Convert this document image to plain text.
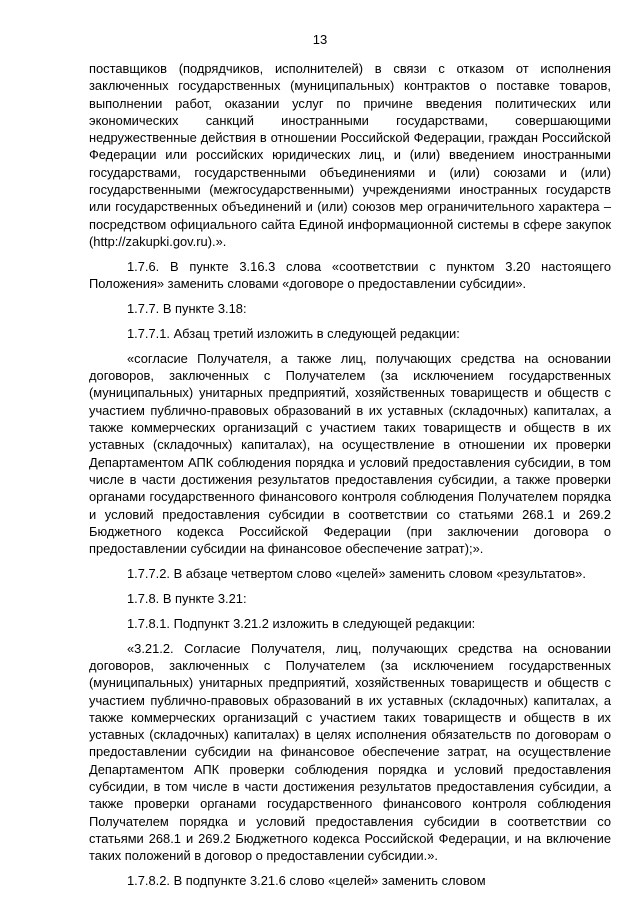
13

поставщиков (подрядчиков, исполнителей) в связи с отказом от исполнения заключенных государственных (муниципальных) контрактов о поставке товаров, выполнении работ, оказании услуг по причине введения политических или экономических санкций иностранными государствами, совершающими недружественные действия в отношении Российской Федерации, граждан Российской Федерации или российских юридических лиц, и (или) введением иностранными государствами, государственными объединениями и (или) союзами и (или) государственными (межгосударственными) учреждениями иностранных государств или государственных объединений и (или) союзов мер ограничительного характера – посредством официального сайта Единой информационной системы в сфере закупок (http://zakupki.gov.ru).».

1.7.6. В пункте 3.16.3 слова «соответствии с пунктом 3.20 настоящего Положения» заменить словами «договоре о предоставлении субсидии».

1.7.7. В пункте 3.18:

1.7.7.1. Абзац третий изложить в следующей редакции:

«согласие Получателя, а также лиц, получающих средства на основании договоров, заключенных с Получателем (за исключением государственных (муниципальных) унитарных предприятий, хозяйственных товариществ и обществ с участием публично-правовых образований в их уставных (складочных) капиталах, а также коммерческих организаций с участием таких товариществ и обществ в их уставных (складочных) капиталах), на осуществление в отношении их проверки Департаментом АПК соблюдения порядка и условий предоставления субсидии, в том числе в части достижения результатов предоставления субсидии, а также проверки органами государственного финансового контроля соблюдения Получателем порядка и условий предоставления субсидии в соответствии со статьями 268.1 и 269.2 Бюджетного кодекса Российской Федерации (при заключении договора о предоставлении субсидии на финансовое обеспечение затрат);».

1.7.7.2. В абзаце четвертом слово «целей» заменить словом «результатов».

1.7.8. В пункте 3.21:

1.7.8.1. Подпункт 3.21.2 изложить в следующей редакции:

«3.21.2. Согласие Получателя, лиц, получающих средства на основании договоров, заключенных с Получателем (за исключением государственных (муниципальных) унитарных предприятий, хозяйственных товариществ и обществ с участием публично-правовых образований в их уставных (складочных) капиталах, а также коммерческих организаций с участием таких товариществ и обществ в их уставных (складочных) капиталах) в целях исполнения обязательств по договорам о предоставлении субсидии на финансовое обеспечение затрат, на осуществление Департаментом АПК проверки соблюдения порядка и условий предоставления субсидии, в том числе в части достижения результатов предоставления субсидии, а также проверки органами государственного финансового контроля соблюдения Получателем порядка и условий предоставления субсидии в соответствии со статьями 268.1 и 269.2 Бюджетного кодекса Российской Федерации, и на включение таких положений в договор о предоставлении субсидии.».

1.7.8.2. В подпункте 3.21.6 слово «целей» заменить словом
